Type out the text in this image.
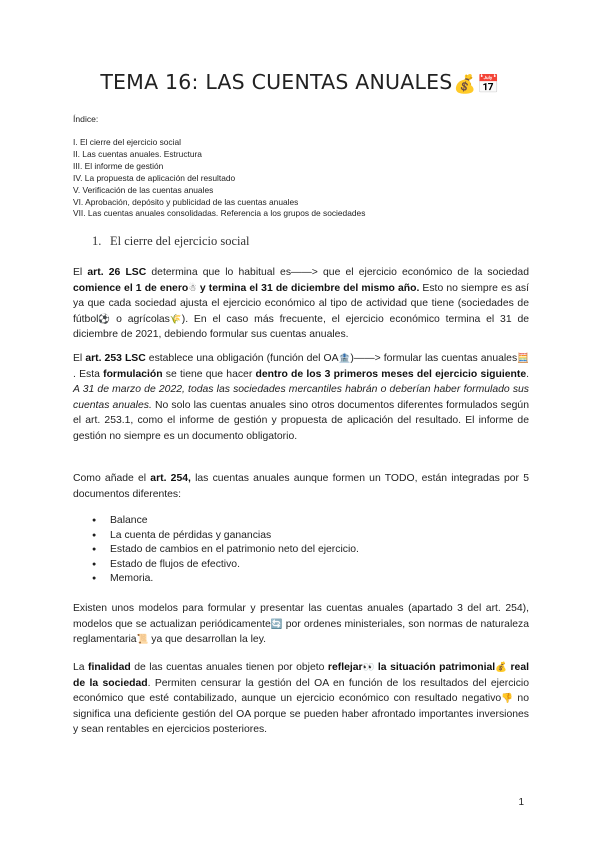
TEMA 16: LAS CUENTAS ANUALES💰📅
Índice:
I. El cierre del ejercicio social
II. Las cuentas anuales. Estructura
III. El informe de gestión
IV. La propuesta de aplicación del resultado
V. Verificación de las cuentas anuales
VI. Aprobación, depósito y publicidad de las cuentas anuales
VII. Las cuentas anuales consolidadas. Referencia a los grupos de sociedades
1. El cierre del ejercicio social
El art. 26 LSC determina que lo habitual es——> que el ejercicio económico de la sociedad comience el 1 de enero☃ y termina el 31 de diciembre del mismo año. Esto no siempre es así ya que cada sociedad ajusta el ejercicio económico al tipo de actividad que tiene (sociedades de fútbol⚽ o agrícolas🌾). En el caso más frecuente, el ejercicio económico termina el 31 de diciembre de 2021, debiendo formular sus cuentas anuales.
El art. 253 LSC establece una obligación (función del OA🏦)——> formular las cuentas anuales🧮 . Esta formulación se tiene que hacer dentro de los 3 primeros meses del ejercicio siguiente. A 31 de marzo de 2022, todas las sociedades mercantiles habrán o deberían haber formulado sus cuentas anuales. No solo las cuentas anuales sino otros documentos diferentes formulados según el art. 253.1, como el informe de gestión y propuesta de aplicación del resultado. El informe de gestión no siempre es un documento obligatorio.
Como añade el art. 254, las cuentas anuales aunque formen un TODO, están integradas por 5 documentos diferentes:
● Balance
● La cuenta de pérdidas y ganancias
● Estado de cambios en el patrimonio neto del ejercicio.
● Estado de flujos de efectivo.
● Memoria.
Existen unos modelos para formular y presentar las cuentas anuales (apartado 3 del art. 254), modelos que se actualizan periódicamente🔄 por ordenes ministeriales, son normas de naturaleza reglamentaria📜 ya que desarrollan la ley.
La finalidad de las cuentas anuales tienen por objeto reflejar👀 la situación patrimonial💰 real de la sociedad. Permiten censurar la gestión del OA en función de los resultados del ejercicio económico que esté contabilizado, aunque un ejercicio económico con resultado negativo👎 no significa una deficiente gestión del OA porque se pueden haber afrontado importantes inversiones y sean rentables en ejercicios posteriores.
1
